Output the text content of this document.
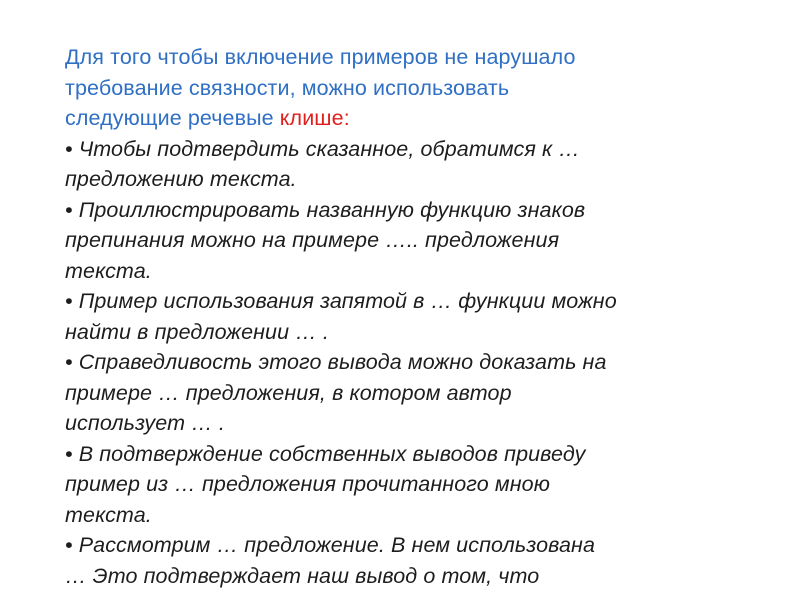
Для того чтобы включение примеров не нарушало
требование связности, можно использовать
следующие речевые клише:
• Чтобы подтвердить сказанное, обратимся к …
предложению текста.
• Проиллюстрировать названную функцию знаков
препинания можно на примере ….. предложения
текста.
• Пример использования запятой в … функции можно
найти в предложении … .
• Справедливость этого вывода можно доказать на
примере … предложения, в котором автор
использует … .
• В подтверждение собственных выводов приведу
пример из … предложения прочитанного мною
текста.
• Рассмотрим … предложение. В нем использована
… Это подтверждает наш вывод о том, что
